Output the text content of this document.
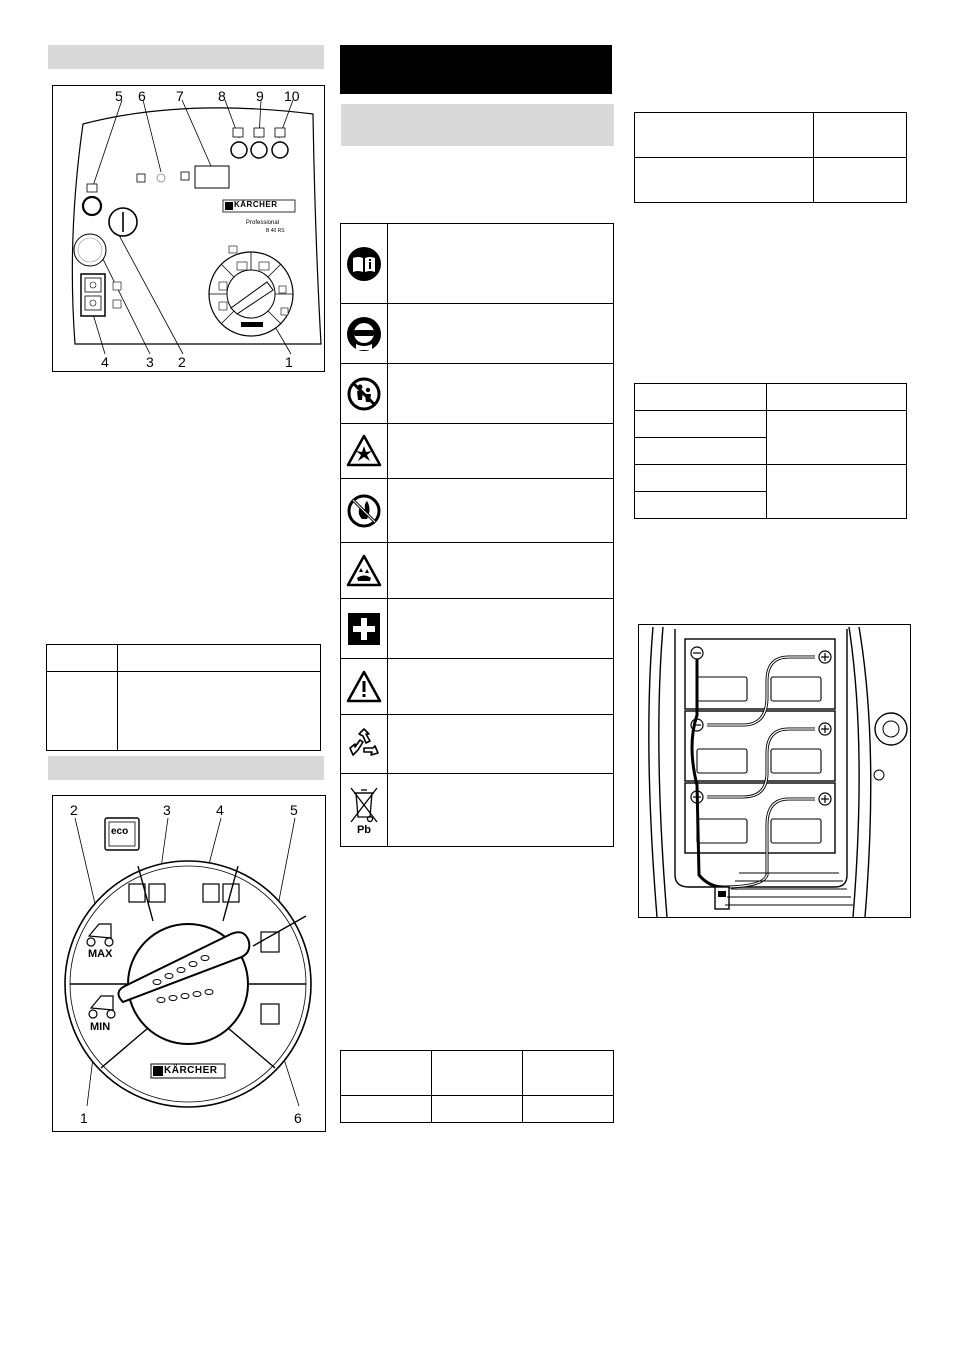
5 6 7 8 9 10
4	3 2	1
KÄRCHER
Professional
B 40 RS

2	3	4	5
1	6
eco
MAX
MIN
KÄRCHER

Pb	
